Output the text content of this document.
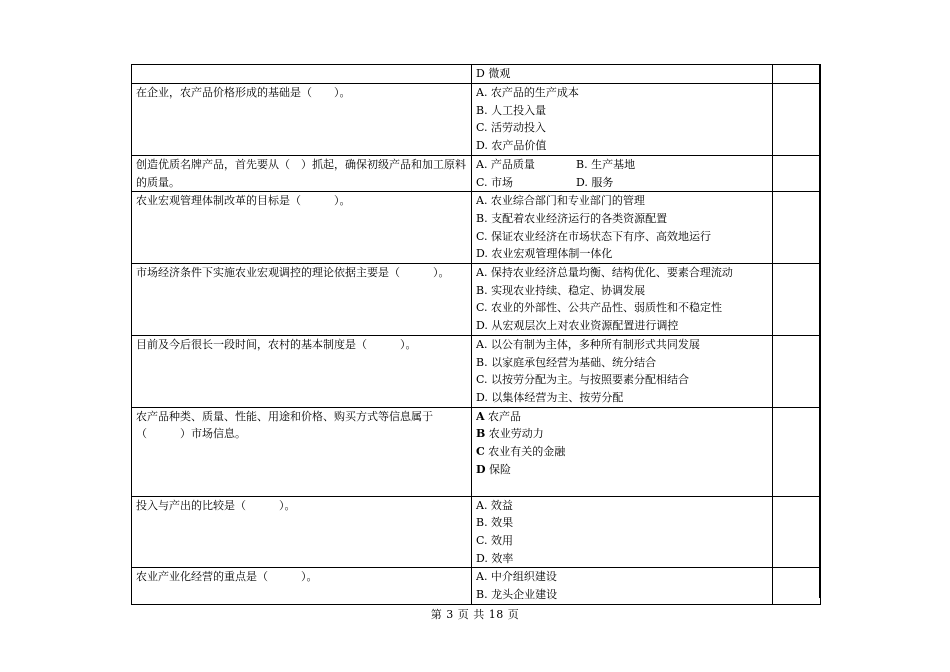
	D 微观	

在企业，农产品价格形成的基础是（　　）。	A. 农产品的生产成本
B. 人工投入量
C. 活劳动投入
D. 农产品价值	

创造优质名牌产品，首先要从（　）抓起，确保初级产品和加工原料的质量。	A. 产品质量 B. 生产基地
C. 市场 D. 服务	

农业宏观管理体制改革的目标是（　　　）。	A. 农业综合部门和专业部门的管理
B. 支配着农业经济运行的各类资源配置
C. 保证农业经济在市场状态下有序、高效地运行
D. 农业宏观管理体制一体化	

市场经济条件下实施农业宏观调控的理论依据主要是（　　　）。	A. 保持农业经济总量均衡、结构优化、要素合理流动
B. 实现农业持续、稳定、协调发展
C. 农业的外部性、公共产品性、弱质性和不稳定性
D. 从宏观层次上对农业资源配置进行调控	

目前及今后很长一段时间，农村的基本制度是（　　　）。	A. 以公有制为主体，多种所有制形式共同发展
B. 以家庭承包经营为基础、统分结合
C. 以按劳分配为主。与按照要素分配相结合
D. 以集体经营为主、按劳分配	

农产品种类、质量、性能、用途和价格、购买方式等信息属于（　　　）市场信息。	A 农产品
B 农业劳动力
C 农业有关的金融
D 保险	

投入与产出的比较是（　　　）。	A. 效益
B. 效果
C. 效用
D. 效率	

农业产业化经营的重点是（　　　）。	A. 中介组织建设
B. 龙头企业建设	

第 3 页 共 18 页
